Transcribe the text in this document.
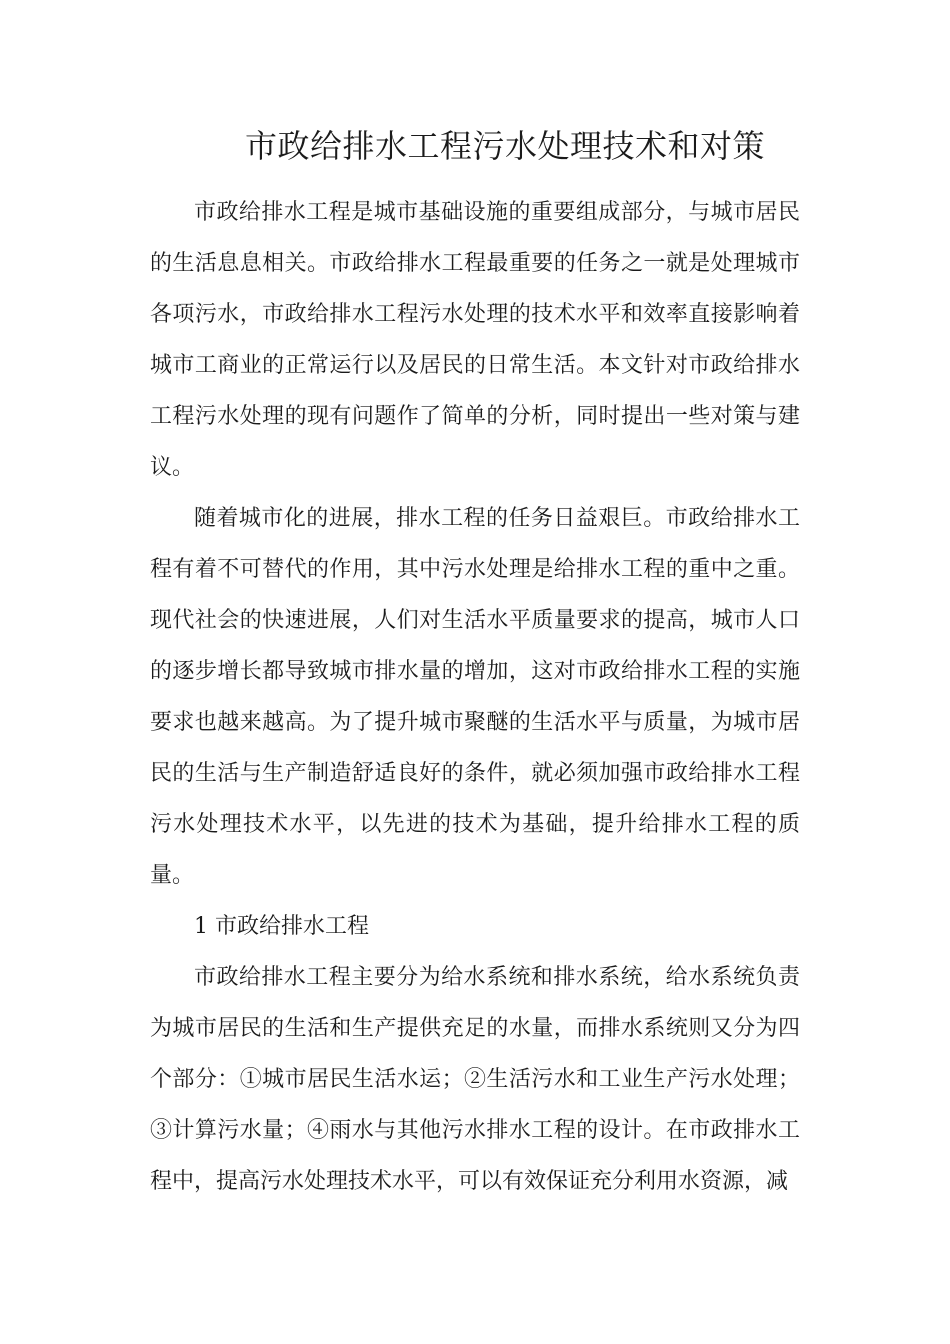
市政给排水工程污水处理技术和对策

市政给排水工程是城市基础设施的重要组成部分，与城市居民的生活息息相关。市政给排水工程最重要的任务之一就是处理城市各项污水，市政给排水工程污水处理的技术水平和效率直接影响着城市工商业的正常运行以及居民的日常生活。本文针对市政给排水工程污水处理的现有问题作了简单的分析，同时提出一些对策与建议。

随着城市化的进展，排水工程的任务日益艰巨。市政给排水工程有着不可替代的作用，其中污水处理是给排水工程的重中之重。现代社会的快速进展，人们对生活水平质量要求的提高，城市人口的逐步增长都导致城市排水量的增加，这对市政给排水工程的实施要求也越来越高。为了提升城市聚醚的生活水平与质量，为城市居民的生活与生产制造舒适良好的条件，就必须加强市政给排水工程污水处理技术水平，以先进的技术为基础，提升给排水工程的质量。

1 市政给排水工程

市政给排水工程主要分为给水系统和排水系统，给水系统负责为城市居民的生活和生产提供充足的水量，而排水系统则又分为四个部分：①城市居民生活水运；②生活污水和工业生产污水处理；③计算污水量；④雨水与其他污水排水工程的设计。在市政排水工程中，提高污水处理技术水平，可以有效保证充分利用水资源，减
